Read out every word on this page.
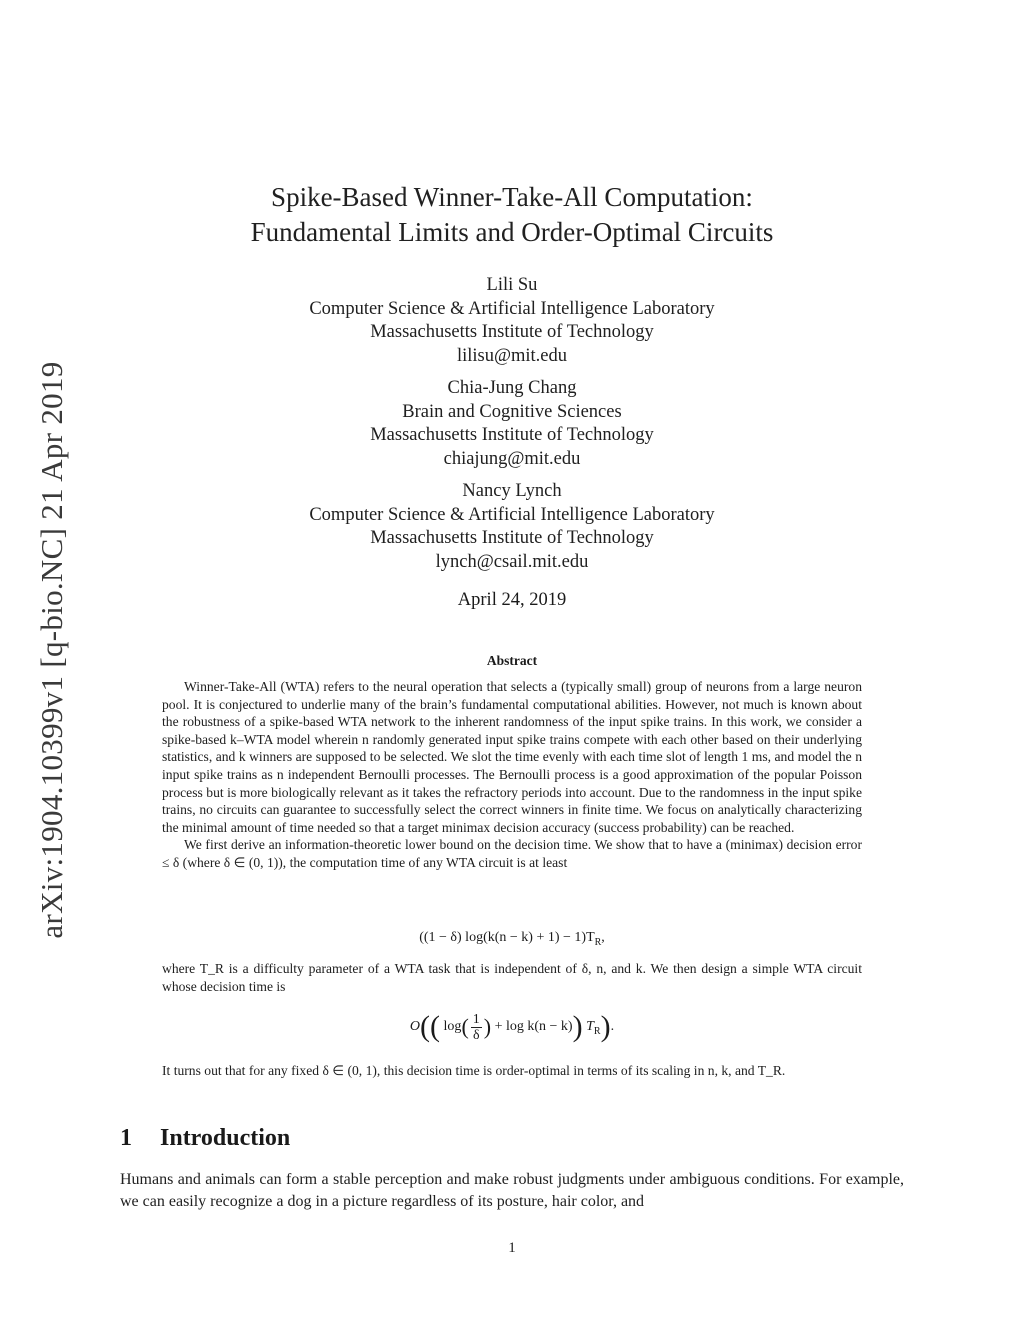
arXiv:1904.10399v1 [q-bio.NC] 21 Apr 2019
Spike-Based Winner-Take-All Computation:
Fundamental Limits and Order-Optimal Circuits
Lili Su
Computer Science & Artificial Intelligence Laboratory
Massachusetts Institute of Technology
lilisu@mit.edu
Chia-Jung Chang
Brain and Cognitive Sciences
Massachusetts Institute of Technology
chiajung@mit.edu
Nancy Lynch
Computer Science & Artificial Intelligence Laboratory
Massachusetts Institute of Technology
lynch@csail.mit.edu
April 24, 2019
Abstract

Winner-Take-All (WTA) refers to the neural operation that selects a (typically small) group of neurons from a large neuron pool. It is conjectured to underlie many of the brain’s fundamental computational abilities. However, not much is known about the robustness of a spike-based WTA network to the inherent randomness of the input spike trains. In this work, we consider a spike-based k–WTA model wherein n randomly generated input spike trains compete with each other based on their underlying statistics, and k winners are supposed to be selected. We slot the time evenly with each time slot of length 1 ms, and model the n input spike trains as n independent Bernoulli processes. The Bernoulli process is a good approximation of the popular Poisson process but is more biologically relevant as it takes the refractory periods into account. Due to the randomness in the input spike trains, no circuits can guarantee to successfully select the correct winners in finite time. We focus on analytically characterizing the minimal amount of time needed so that a target minimax decision accuracy (success probability) can be reached.

We first derive an information-theoretic lower bound on the decision time. We show that to have a (minimax) decision error ≤ δ (where δ ∈ (0, 1)), the computation time of any WTA circuit is at least

((1 − δ) $\log(k(n - k) + 1) - 1)T_R$,

where T_R is a difficulty parameter of a WTA task that is independent of δ, n, and k. We then design a simple WTA circuit whose decision time is

O(( $\log( \frac{1}{\delta}$ ) + log k(n − k)) $T_R$).

It turns out that for any fixed δ ∈ (0, 1), this decision time is order-optimal in terms of its scaling in n, k, and T_R.

1 Introduction

Humans and animals can form a stable perception and make robust judgments under ambiguous conditions. For example, we can easily recognize a dog in a picture regardless of its posture, hair color, and

1
